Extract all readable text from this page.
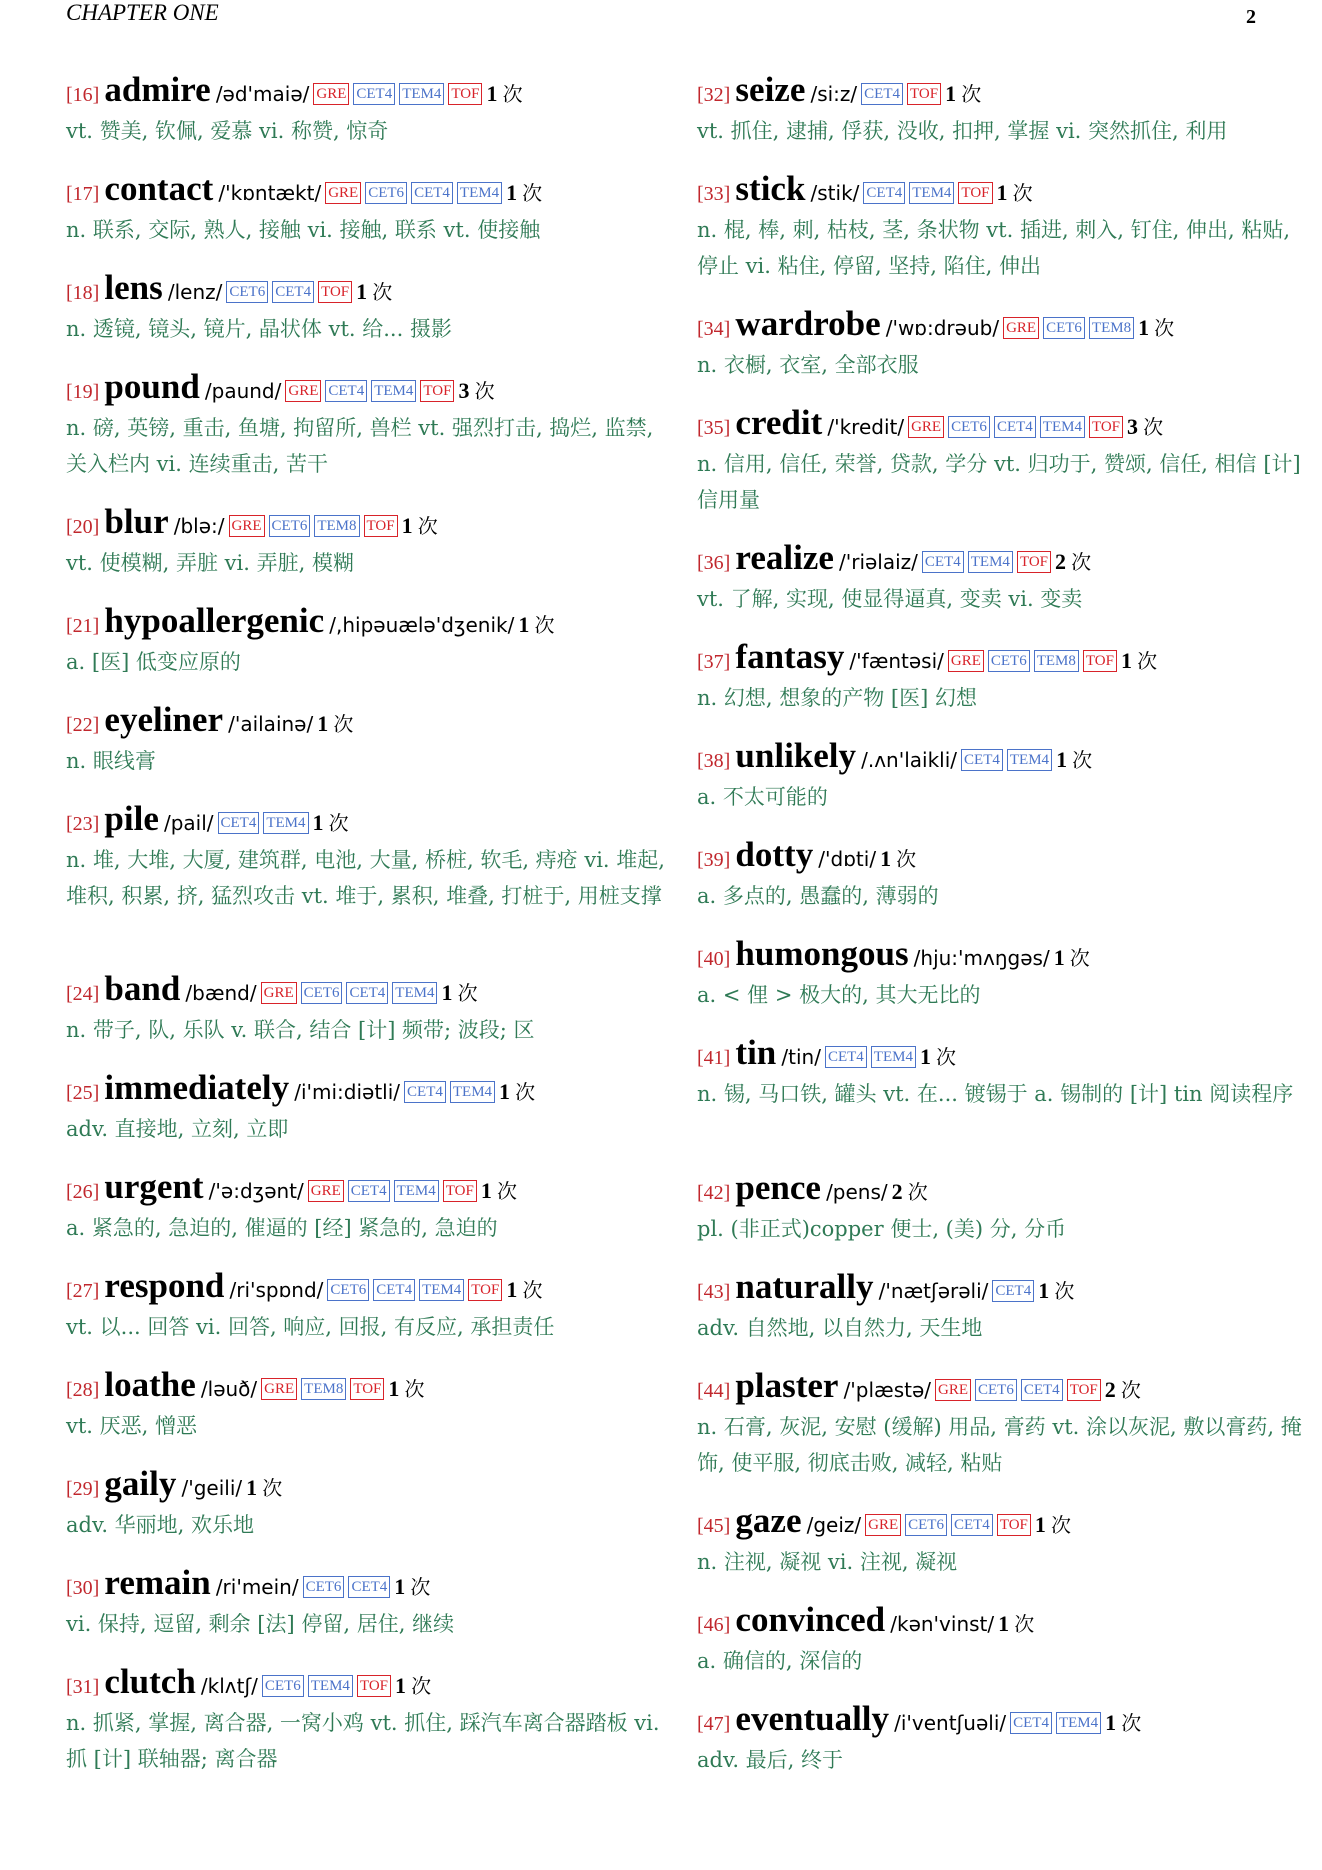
CHAPTER ONE	2
[16] admire /əd'maiə/ GRE CET4 TEM4 TOF 1 次
vt. 赞美, 钦佩, 爱慕 vi. 称赞, 惊奇
[17] contact /'kɒntækt/ GRE CET6 CET4 TEM4 1 次
n. 联系, 交际, 熟人, 接触 vi. 接触, 联系 vt. 使接触
[18] lens /lenz/ CET6 CET4 TOF 1 次
n. 透镜, 镜头, 镜片, 晶状体 vt. 给... 摄影
[19] pound /paund/ GRE CET4 TEM4 TOF 3 次
n. 磅, 英镑, 重击, 鱼塘, 拘留所, 兽栏 vt. 强烈打击, 捣烂, 监禁, 关入栏内 vi. 连续重击, 苦干
[20] blur /blə:/ GRE CET6 TEM8 TOF 1 次
vt. 使模糊, 弄脏 vi. 弄脏, 模糊
[21] hypoallergenic /,hipəuælə'dʒenik/ 1 次
a. [医] 低变应原的
[22] eyeliner /'ailainə/ 1 次
n. 眼线膏
[23] pile /pail/ CET4 TEM4 1 次
n. 堆, 大堆, 大厦, 建筑群, 电池, 大量, 桥桩, 软毛, 痔疮 vi. 堆起, 堆积, 积累, 挤, 猛烈攻击 vt. 堆于, 累积, 堆叠, 打桩于, 用桩支撑
[24] band /bænd/ GRE CET6 CET4 TEM4 1 次
n. 带子, 队, 乐队 v. 联合, 结合 [计] 频带; 波段; 区
[25] immediately /i'mi:diətli/ CET4 TEM4 1 次
adv. 直接地, 立刻, 立即
[26] urgent /'ə:dʒənt/ GRE CET4 TEM4 TOF 1 次
a. 紧急的, 急迫的, 催逼的 [经] 紧急的, 急迫的
[27] respond /ri'spɒnd/ CET6 CET4 TEM4 TOF 1 次
vt. 以... 回答 vi. 回答, 响应, 回报, 有反应, 承担责任
[28] loathe /ləuð/ GRE TEM8 TOF 1 次
vt. 厌恶, 憎恶
[29] gaily /'geili/ 1 次
adv. 华丽地, 欢乐地
[30] remain /ri'mein/ CET6 CET4 1 次
vi. 保持, 逗留, 剩余 [法] 停留, 居住, 继续
[31] clutch /klʌtʃ/ CET6 TEM4 TOF 1 次
n. 抓紧, 掌握, 离合器, 一窝小鸡 vt. 抓住, 踩汽车离合器踏板 vi. 抓 [计] 联轴器; 离合器
[32] seize /si:z/ CET4 TOF 1 次
vt. 抓住, 逮捕, 俘获, 没收, 扣押, 掌握 vi. 突然抓住, 利用
[33] stick /stik/ CET4 TEM4 TOF 1 次
n. 棍, 棒, 刺, 枯枝, 茎, 条状物 vt. 插进, 刺入, 钉住, 伸出, 粘贴, 停止 vi. 粘住, 停留, 坚持, 陷住, 伸出
[34] wardrobe /'wɒ:drəub/ GRE CET6 TEM8 1 次
n. 衣橱, 衣室, 全部衣服
[35] credit /'kredit/ GRE CET6 CET4 TEM4 TOF 3 次
n. 信用, 信任, 荣誉, 贷款, 学分 vt. 归功于, 赞颂, 信任, 相信 [计] 信用量
[36] realize /'riəlaiz/ CET4 TEM4 TOF 2 次
vt. 了解, 实现, 使显得逼真, 变卖 vi. 变卖
[37] fantasy /'fæntəsi/ GRE CET6 TEM8 TOF 1 次
n. 幻想, 想象的产物 [医] 幻想
[38] unlikely /.ʌn'laikli/ CET4 TEM4 1 次
a. 不太可能的
[39] dotty /'dɒti/ 1 次
a. 多点的, 愚蠢的, 薄弱的
[40] humongous /hju:'mʌŋgəs/ 1 次
a. < 俚 > 极大的, 其大无比的
[41] tin /tin/ CET4 TEM4 1 次
n. 锡, 马口铁, 罐头 vt. 在... 镀锡于 a. 锡制的 [计] tin 阅读程序
[42] pence /pens/ 2 次
pl. (非正式)copper 便士, (美) 分, 分币
[43] naturally /'nætʃərəli/ CET4 1 次
adv. 自然地, 以自然力, 天生地
[44] plaster /'plæstə/ GRE CET6 CET4 TOF 2 次
n. 石膏, 灰泥, 安慰 (缓解) 用品, 膏药 vt. 涂以灰泥, 敷以膏药, 掩饰, 使平服, 彻底击败, 减轻, 粘贴
[45] gaze /geiz/ GRE CET6 CET4 TOF 1 次
n. 注视, 凝视 vi. 注视, 凝视
[46] convinced /kən'vinst/ 1 次
a. 确信的, 深信的
[47] eventually /i'ventʃuəli/ CET4 TEM4 1 次
adv. 最后, 终于
